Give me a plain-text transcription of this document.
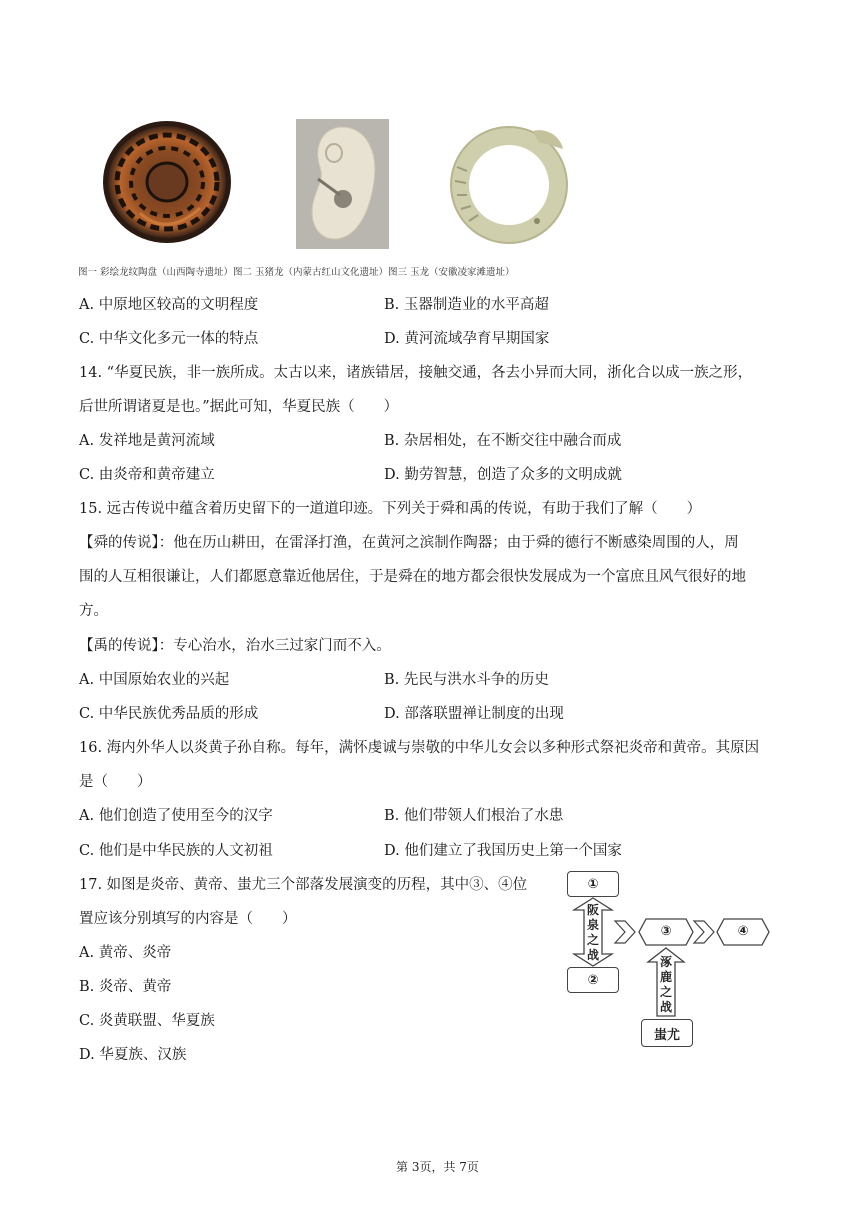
图一 彩绘龙纹陶盘（山西陶寺遗址）图二 玉猪龙（内蒙古红山文化遗址）图三 玉龙（安徽凌家滩遗址）
A. 中原地区较高的文明程度	B. 玉器制造业的水平高超
C. 中华文化多元一体的特点	D. 黄河流域孕育早期国家
14. “华夏民族，非一族所成。太古以来，诸族错居，接触交通，各去小异而大同，浙化合以成一族之形，
后世所谓诸夏是也。”据此可知，华夏民族（　　）
A. 发祥地是黄河流域	B. 杂居相处，在不断交往中融合而成
C. 由炎帝和黄帝建立	D. 勤劳智慧，创造了众多的文明成就
15. 远古传说中蕴含着历史留下的一道道印迹。下列关于舜和禹的传说，有助于我们了解（　　）
【舜的传说】：他在历山耕田，在雷泽打渔，在黄河之滨制作陶器；由于舜的德行不断感染周围的人，周
围的人互相很谦让，人们都愿意靠近他居住，于是舜在的地方都会很快发展成为一个富庶且风气很好的地
方。
【禹的传说】：专心治水，治水三过家门而不入。
A. 中国原始农业的兴起	B. 先民与洪水斗争的历史
C. 中华民族优秀品质的形成	D. 部落联盟禅让制度的出现
16. 海内外华人以炎黄子孙自称。每年，满怀虔诚与崇敬的中华儿女会以多种形式祭祀炎帝和黄帝。其原因
是（　　）
A. 他们创造了使用至今的汉字	B. 他们带领人们根治了水患
C. 他们是中华民族的人文初祖	D. 他们建立了我国历史上第一个国家
17. 如图是炎帝、黄帝、蚩尤三个部落发展演变的历程，其中③、④位
置应该分别填写的内容是（　　）
A. 黄帝、炎帝
B. 炎帝、黄帝
C. 炎黄联盟、华夏族
D. 华夏族、汉族
①
阪泉之战
②
③	④
涿鹿之战
蚩尤
第 3页，共 7页
